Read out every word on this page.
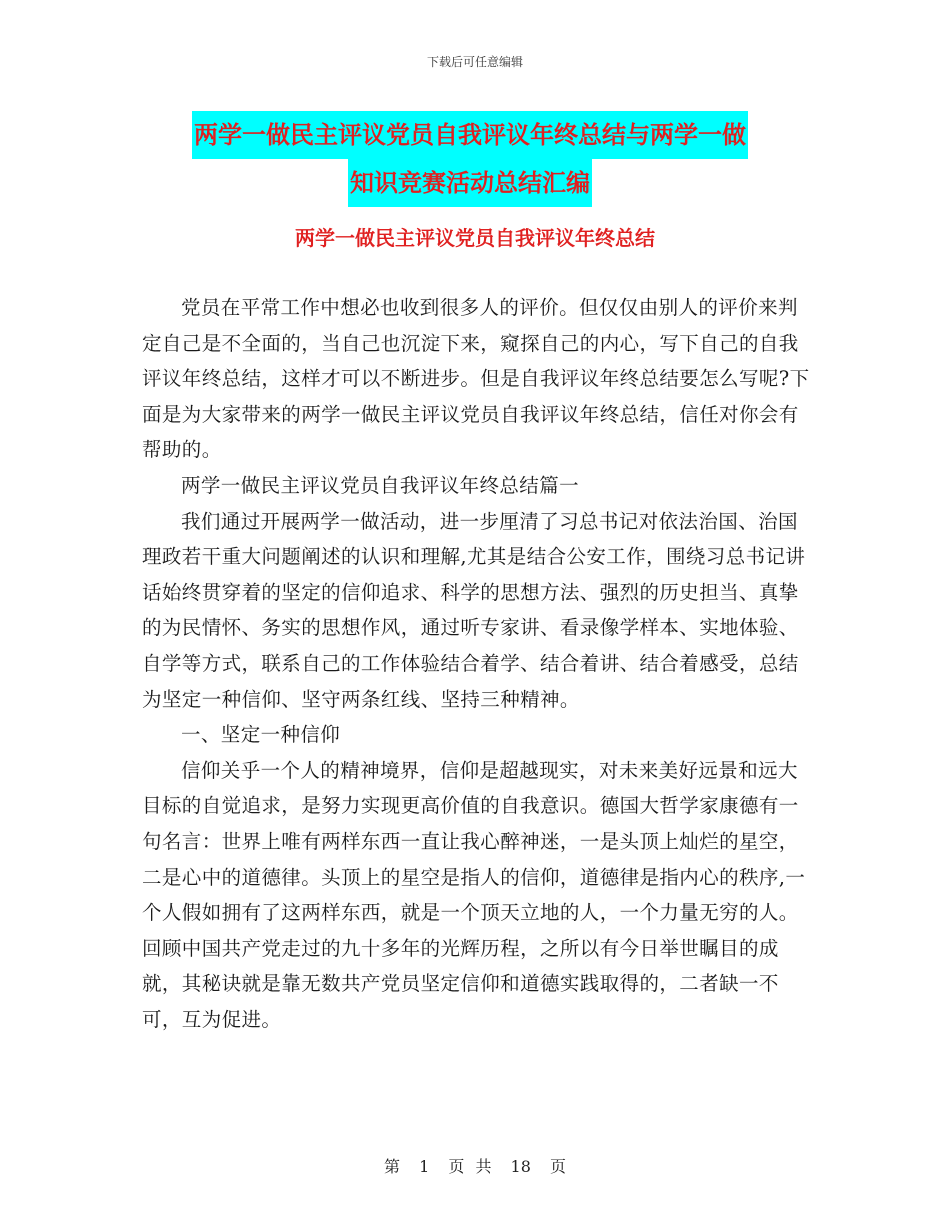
下载后可任意编辑
两学一做民主评议党员自我评议年终总结与两学一做
知识竞赛活动总结汇编
两学一做民主评议党员自我评议年终总结

党员在平常工作中想必也收到很多人的评价。但仅仅由别人的评价来判定自己是不全面的，当自己也沉淀下来，窥探自己的内心，写下自己的自我评议年终总结，这样才可以不断进步。但是自我评议年终总结要怎么写呢?下面是为大家带来的两学一做民主评议党员自我评议年终总结，信任对你会有帮助的。

两学一做民主评议党员自我评议年终总结篇一

我们通过开展两学一做活动，进一步厘清了习总书记对依法治国、治国理政若干重大问题阐述的认识和理解,尤其是结合公安工作，围绕习总书记讲话始终贯穿着的坚定的信仰追求、科学的思想方法、强烈的历史担当、真挚的为民情怀、务实的思想作风，通过听专家讲、看录像学样本、实地体验、自学等方式，联系自己的工作体验结合着学、结合着讲、结合着感受，总结为坚定一种信仰、坚守两条红线、坚持三种精神。

一、坚定一种信仰

信仰关乎一个人的精神境界，信仰是超越现实，对未来美好远景和远大目标的自觉追求，是努力实现更高价值的自我意识。德国大哲学家康德有一句名言：世界上唯有两样东西一直让我心醉神迷，一是头顶上灿烂的星空，二是心中的道德律。头顶上的星空是指人的信仰，道德律是指内心的秩序,一个人假如拥有了这两样东西，就是一个顶天立地的人，一个力量无穷的人。回顾中国共产党走过的九十多年的光辉历程，之所以有今日举世瞩目的成就，其秘诀就是靠无数共产党员坚定信仰和道德实践取得的，二者缺一不可，互为促进。

第 1 页 共 18 页
